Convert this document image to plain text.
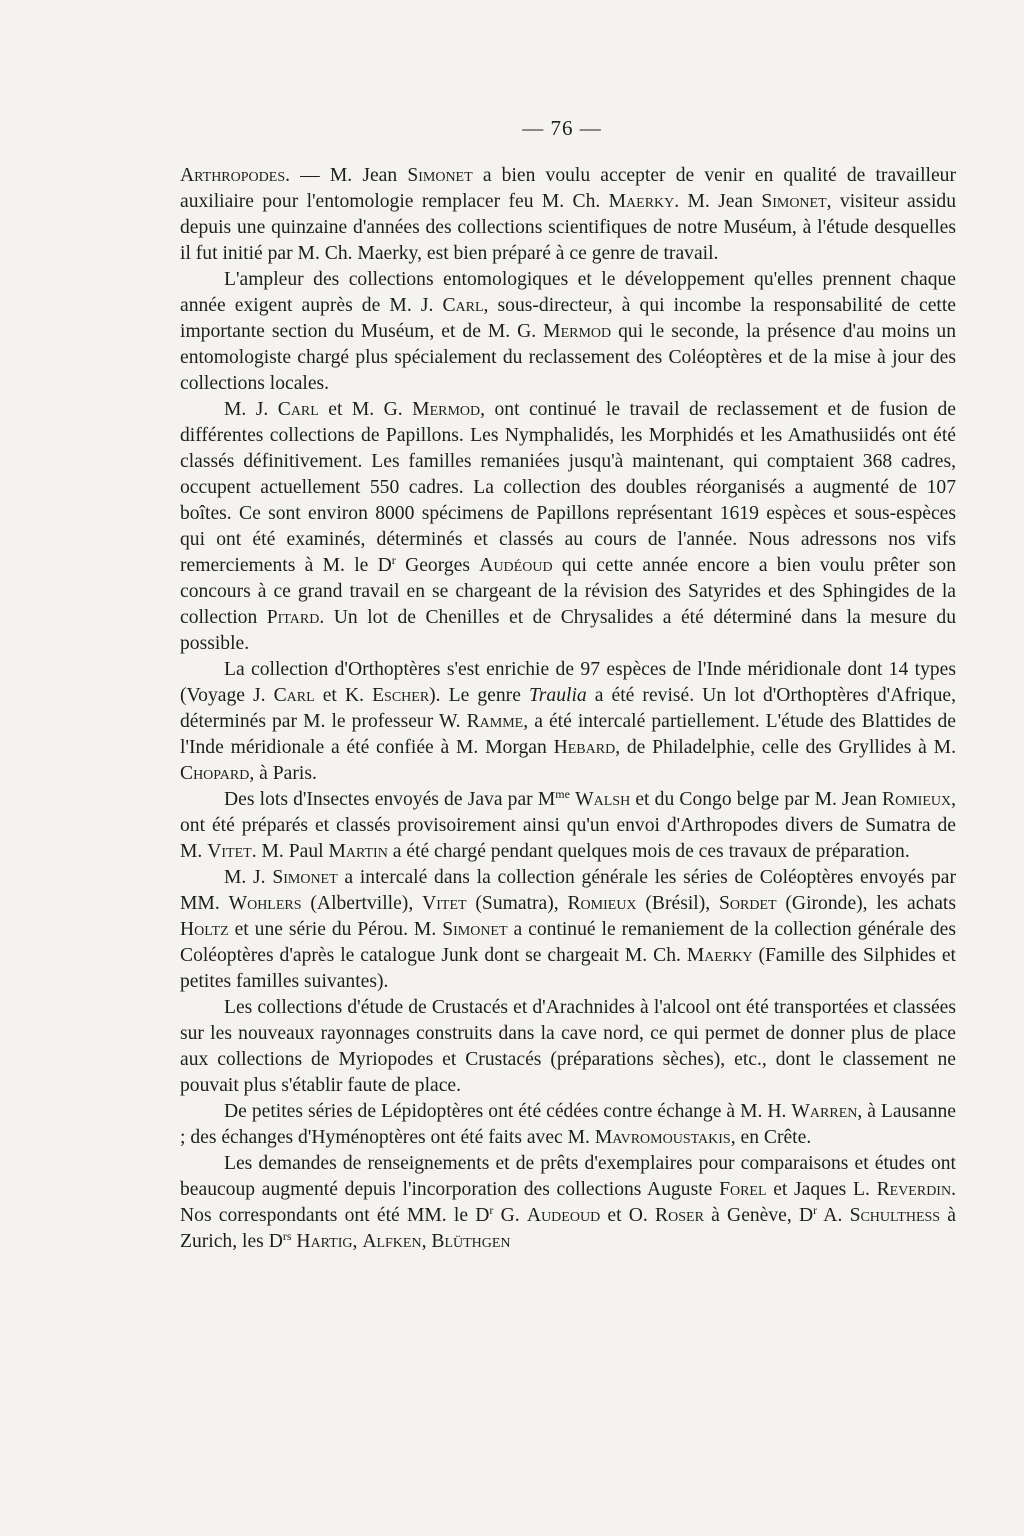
— 76 —

Arthropodes. — M. Jean Simonet a bien voulu accepter de venir en qualité de travailleur auxiliaire pour l'entomologie remplacer feu M. Ch. Maerky. M. Jean Simonet, visiteur assidu depuis une quinzaine d'années des collections scientifiques de notre Muséum, à l'étude desquelles il fut initié par M. Ch. Maerky, est bien préparé à ce genre de travail.

L'ampleur des collections entomologiques et le développement qu'elles prennent chaque année exigent auprès de M. J. Carl, sous-directeur, à qui incombe la responsabilité de cette importante section du Muséum, et de M. G. Mermod qui le seconde, la présence d'au moins un entomologiste chargé plus spécialement du reclassement des Coléoptères et de la mise à jour des collections locales.

M. J. Carl et M. G. Mermod, ont continué le travail de reclassement et de fusion de différentes collections de Papillons. Les Nymphalidés, les Morphidés et les Amathusiidés ont été classés définitivement. Les familles remaniées jusqu'à maintenant, qui comptaient 368 cadres, occupent actuellement 550 cadres. La collection des doubles réorganisés a augmenté de 107 boîtes. Ce sont environ 8000 spécimens de Papillons représentant 1619 espèces et sous-espèces qui ont été examinés, déterminés et classés au cours de l'année. Nous adressons nos vifs remerciements à M. le $D^r$ Georges Audéoud qui cette année encore a bien voulu prêter son concours à ce grand travail en se chargeant de la révision des Satyrides et des Sphingides de la collection Pitard. Un lot de Chenilles et de Chrysalides a été déterminé dans la mesure du possible.

La collection d'Orthoptères s'est enrichie de 97 espèces de l'Inde méridionale dont 14 types (Voyage J. Carl et K. Escher). Le genre Traulia a été revisé. Un lot d'Orthoptères d'Afrique, déterminés par M. le professeur W. Ramme, a été intercalé partiellement. L'étude des Blattides de l'Inde méridionale a été confiée à M. Morgan Hebard, de Philadelphie, celle des Gryllides à M. Chopard, à Paris.

Des lots d'Insectes envoyés de Java par $M^{me}$ Walsh et du Congo belge par M. Jean Romieux, ont été préparés et classés provisoirement ainsi qu'un envoi d'Arthropodes divers de Sumatra de M. Vitet. M. Paul Martin a été chargé pendant quelques mois de ces travaux de préparation.

M. J. Simonet a intercalé dans la collection générale les séries de Coléoptères envoyés par MM. Wohlers (Albertville), Vitet (Sumatra), Romieux (Brésil), Sordet (Gironde), les achats Holtz et une série du Pérou. M. Simonet a continué le remaniement de la collection générale des Coléoptères d'après le catalogue Junk dont se chargeait M. Ch. Maerky (Famille des Silphides et petites familles suivantes).

Les collections d'étude de Crustacés et d'Arachnides à l'alcool ont été transportées et classées sur les nouveaux rayonnages construits dans la cave nord, ce qui permet de donner plus de place aux collections de Myriopodes et Crustacés (préparations sèches), etc., dont le classement ne pouvait plus s'établir faute de place.

De petites séries de Lépidoptères ont été cédées contre échange à M. H. Warren, à Lausanne ; des échanges d'Hyménoptères ont été faits avec M. Mavromoustakis, en Crête.

Les demandes de renseignements et de prêts d'exemplaires pour comparaisons et études ont beaucoup augmenté depuis l'incorporation des collections Auguste Forel et Jaques L. Reverdin. Nos correspondants ont été MM. le $D^r$ G. Audeoud et O. Roser à Genève, $D^r$ A. Schulthess à Zurich, les $D^{rs}$ Hartig, Alfken, Blüthgen
